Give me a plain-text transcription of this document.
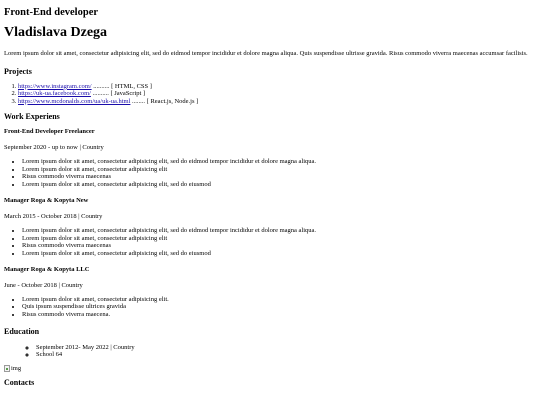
Front-End developer
Vladislava Dzega

Lorem ipsum dolor sit amet, consectetur adipisicing elit, sed do eidmod tempor incididur et dolore magna aliqua. Quis suspendisse ultrisse gravida. Risus commodo viverra maecenas accumsar facilisis.

Projects
1. https://www.instagram.com/ .......... [ HTML, CSS ]
2. https://uk-ua.facebook.com/ .......... [ JavaScript ]
3. https://www.mcdonalds.com/ua/uk-ua.html ........ [ React.js, Node.js ]
Work Experiens
Front-End Developer Freelancer

September 2020 - up to now | Country

• Lorem ipsum dolor sit amet, consectetur adipisicing elit, sed do eidmod tempor incididur et dolore magna aliqua.
• Lorem ipsum dolor sit amet, consectetur adipisicing elit
• Risus commodo viverra maecenas
• Lorem ipsum dolor sit amet, consectetur adipisicing elit, sed do eiusmod
Manager Roga & Kopyta New

March 2015 - October 2018 | Country

• Lorem ipsum dolor sit amet, consectetur adipisicing elit, sed do eidmod tempor incididur et dolore magna aliqua.
• Lorem ipsum dolor sit amet, consectetur adipisicing elit
• Risus commodo viverra maecenas
• Lorem ipsum dolor sit amet, consectetur adipisicing elit, sed do eiusmod
Manager Roga & Kopyta LLC

June - October 2018 | Country

• Lorem ipsum dolor sit amet, consectetur adipisicing elit.
• Quis ipsum suspendisse ultrices gravida
• Risus commodo viverra maecena.
Education
◦ September 2012- May 2022 | Country
◦ School 64
img
Contacts
